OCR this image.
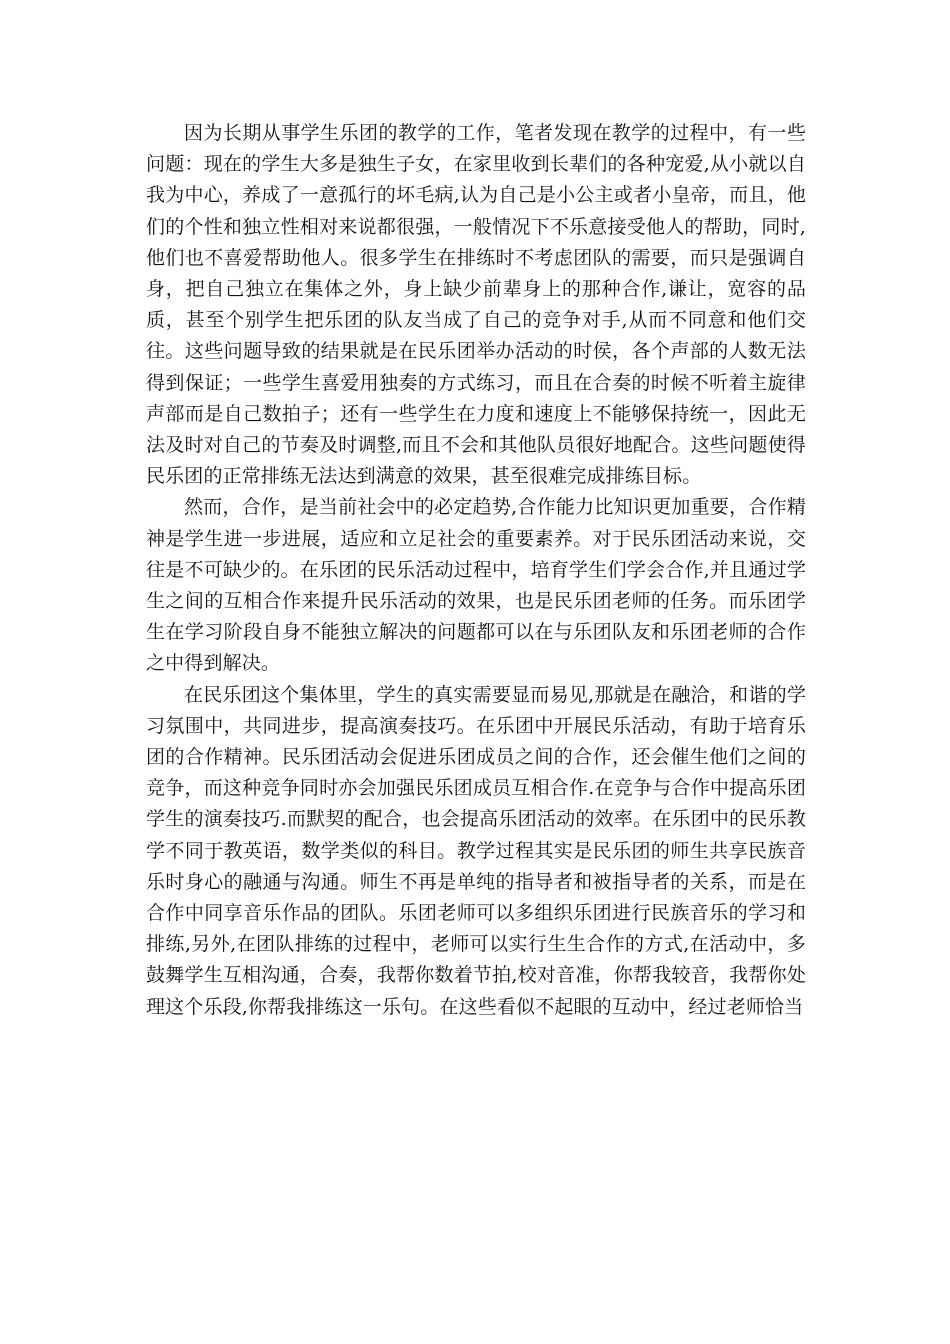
因为长期从事学生乐团的教学的工作，笔者发现在教学的过程中，有一些问题：现在的学生大多是独生子女，在家里收到长辈们的各种宠爱,从小就以自我为中心，养成了一意孤行的坏毛病,认为自己是小公主或者小皇帝，而且，他们的个性和独立性相对来说都很强，一般情况下不乐意接受他人的帮助，同时,他们也不喜爱帮助他人。很多学生在排练时不考虑团队的需要，而只是强调自身，把自己独立在集体之外，身上缺少前辈身上的那种合作,谦让，宽容的品质，甚至个别学生把乐团的队友当成了自己的竞争对手,从而不同意和他们交往。这些问题导致的结果就是在民乐团举办活动的时侯，各个声部的人数无法得到保证；一些学生喜爱用独奏的方式练习，而且在合奏的时候不听着主旋律声部而是自己数拍子；还有一些学生在力度和速度上不能够保持统一，因此无法及时对自己的节奏及时调整,而且不会和其他队员很好地配合。这些问题使得民乐团的正常排练无法达到满意的效果，甚至很难完成排练目标。

然而，合作，是当前社会中的必定趋势,合作能力比知识更加重要，合作精神是学生进一步进展，适应和立足社会的重要素养。对于民乐团活动来说，交往是不可缺少的。在乐团的民乐活动过程中，培育学生们学会合作,并且通过学生之间的互相合作来提升民乐活动的效果，也是民乐团老师的任务。而乐团学生在学习阶段自身不能独立解决的问题都可以在与乐团队友和乐团老师的合作之中得到解决。

在民乐团这个集体里，学生的真实需要显而易见,那就是在融洽，和谐的学习氛围中，共同进步，提高演奏技巧。在乐团中开展民乐活动，有助于培育乐团的合作精神。民乐团活动会促进乐团成员之间的合作，还会催生他们之间的竞争，而这种竞争同时亦会加强民乐团成员互相合作.在竞争与合作中提高乐团学生的演奏技巧.而默契的配合，也会提高乐团活动的效率。在乐团中的民乐教学不同于教英语，数学类似的科目。教学过程其实是民乐团的师生共享民族音乐时身心的融通与沟通。师生不再是单纯的指导者和被指导者的关系，而是在合作中同享音乐作品的团队。乐团老师可以多组织乐团进行民族音乐的学习和排练,另外,在团队排练的过程中，老师可以实行生生合作的方式,在活动中，多鼓舞学生互相沟通，合奏，我帮你数着节拍,校对音准，你帮我较音，我帮你处理这个乐段,你帮我排练这一乐句。在这些看似不起眼的互动中，经过老师恰当
